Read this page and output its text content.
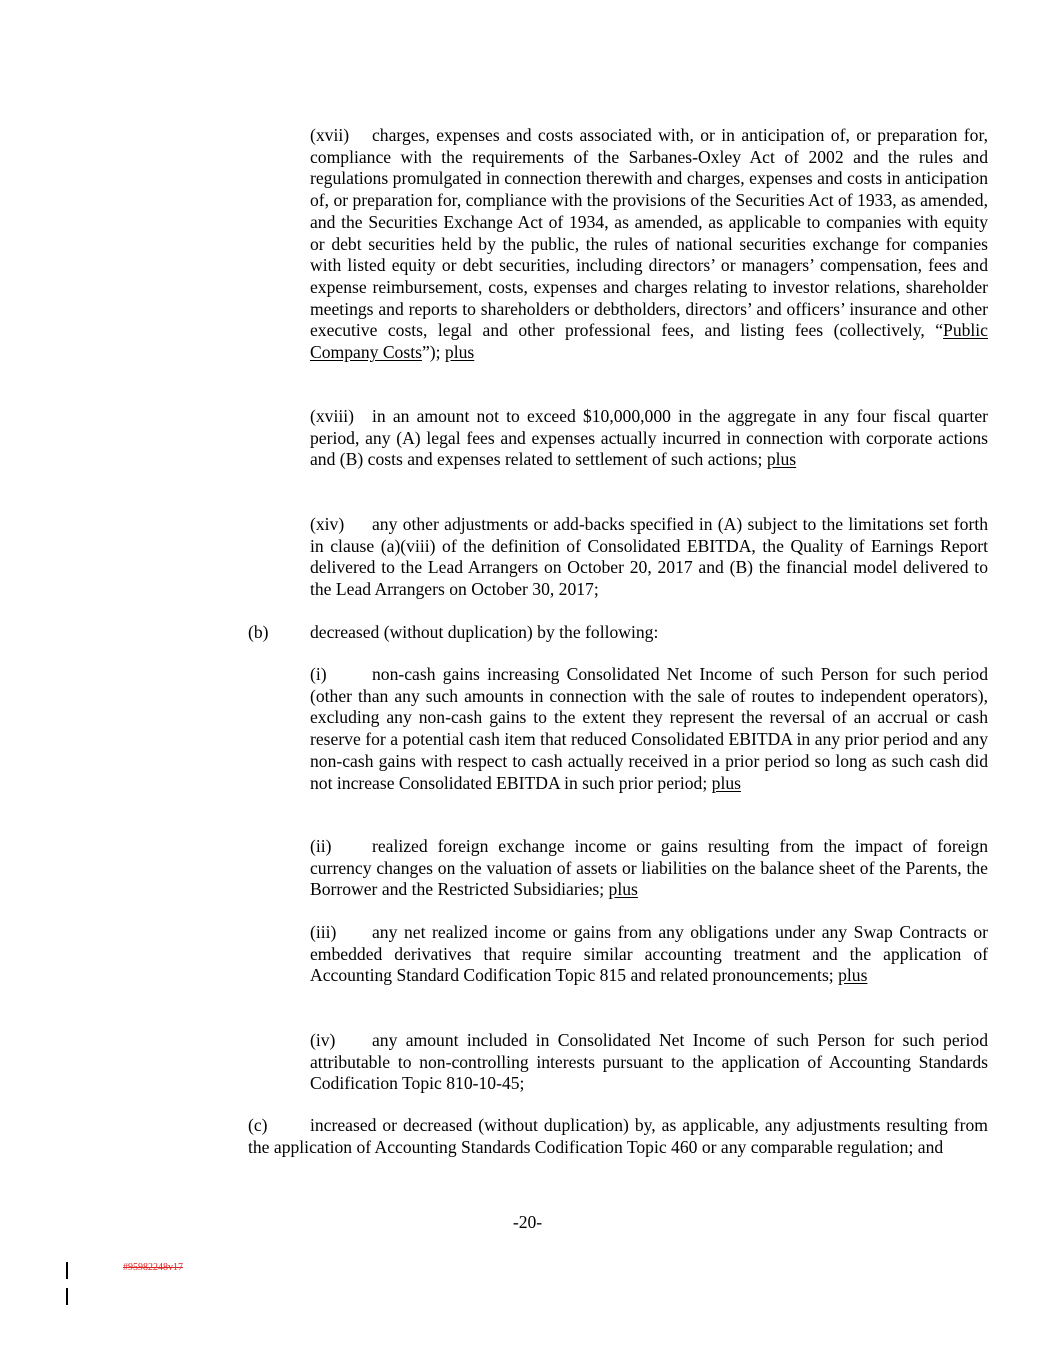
(xvii) charges, expenses and costs associated with, or in anticipation of, or preparation for, compliance with the requirements of the Sarbanes-Oxley Act of 2002 and the rules and regulations promulgated in connection therewith and charges, expenses and costs in anticipation of, or preparation for, compliance with the provisions of the Securities Act of 1933, as amended, and the Securities Exchange Act of 1934, as amended, as applicable to companies with equity or debt securities held by the public, the rules of national securities exchange for companies with listed equity or debt securities, including directors’ or managers’ compensation, fees and expense reimbursement, costs, expenses and charges relating to investor relations, shareholder meetings and reports to shareholders or debtholders, directors’ and officers’ insurance and other executive costs, legal and other professional fees, and listing fees (collectively, “Public Company Costs”); plus

(xviii) in an amount not to exceed $10,000,000 in the aggregate in any four fiscal quarter period, any (A) legal fees and expenses actually incurred in connection with corporate actions and (B) costs and expenses related to settlement of such actions; plus

(xiv) any other adjustments or add-backs specified in (A) subject to the limitations set forth in clause (a)(viii) of the definition of Consolidated EBITDA, the Quality of Earnings Report delivered to the Lead Arrangers on October 20, 2017 and (B) the financial model delivered to the Lead Arrangers on October 30, 2017;

(b) decreased (without duplication) by the following:

(i)	non-cash gains increasing Consolidated Net Income of such Person for such period (other than any such amounts in connection with the sale of routes to independent operators), excluding any non-cash gains to the extent they represent the reversal of an accrual or cash reserve for a potential cash item that reduced Consolidated EBITDA in any prior period and any non-cash gains with respect to cash actually received in a prior period so long as such cash did not increase Consolidated EBITDA in such prior period; plus

(ii) realized foreign exchange income or gains resulting from the impact of foreign currency changes on the valuation of assets or liabilities on the balance sheet of the Parents, the Borrower and the Restricted Subsidiaries; plus

(iii) any net realized income or gains from any obligations under any Swap Contracts or embedded derivatives that require similar accounting treatment and the application of Accounting Standard Codification Topic 815 and related pronouncements; plus

(iv) any amount included in Consolidated Net Income of such Person for such period attributable to non-controlling interests pursuant to the application of Accounting Standards Codification Topic 810-10-45;

(c) increased or decreased (without duplication) by, as applicable, any adjustments resulting from the application of Accounting Standards Codification Topic 460 or any comparable regulation; and

-20-
#95982248v17
